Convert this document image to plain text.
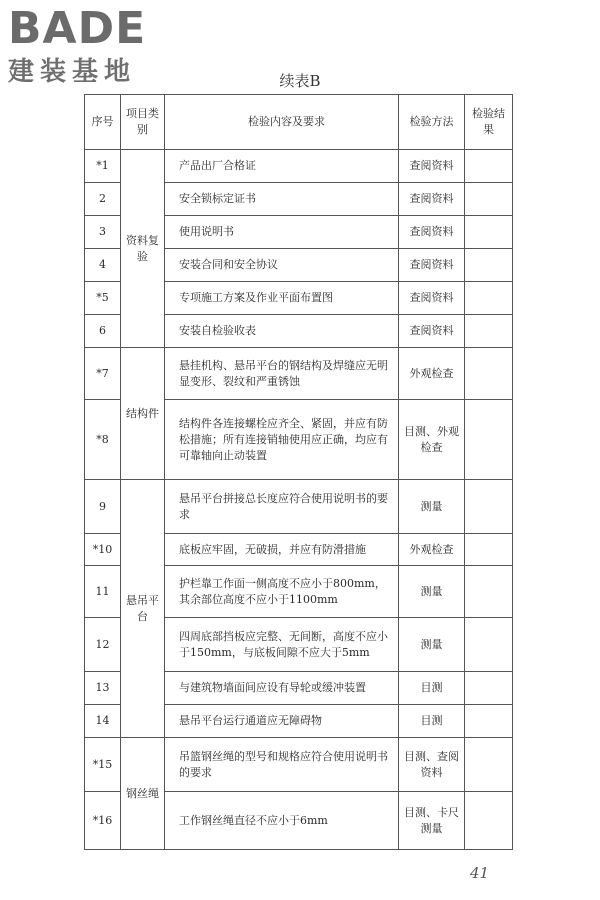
BADE
建装基地	续表B
序号	项目类别	检验内容及要求	检验方法	检验结果
*1	资料复验	产品出厂合格证	查阅资料	
2		安全锁标定证书	查阅资料	
3		使用说明书	查阅资料	
4		安装合同和安全协议	查阅资料	
*5		专项施工方案及作业平面布置图	查阅资料	
6		安装自检验收表	查阅资料	
*7	结构件	悬挂机构、悬吊平台的钢结构及焊缝应无明显变形、裂纹和严重锈蚀	外观检查	
*8		结构件各连接螺栓应齐全、紧固，并应有防松措施；所有连接销轴使用应正确，均应有可靠轴向止动装置	目测、外观检查	
9	悬吊平台	悬吊平台拼接总长度应符合使用说明书的要求	测量	
*10		底板应牢固，无破损，并应有防滑措施	外观检查	
11		护栏靠工作面一侧高度不应小于800mm，其余部位高度不应小于1100mm	测量	
12		四周底部挡板应完整、无间断，高度不应小于150mm，与底板间隙不应大于5mm	测量	
13		与建筑物墙面间应设有导轮或缓冲装置	目测	
14		悬吊平台运行通道应无障碍物	目测	
*15	钢丝绳	吊篮钢丝绳的型号和规格应符合使用说明书的要求	目测、查阅资料	
*16		工作钢丝绳直径不应小于6mm	目测、卡尺测量	
41
